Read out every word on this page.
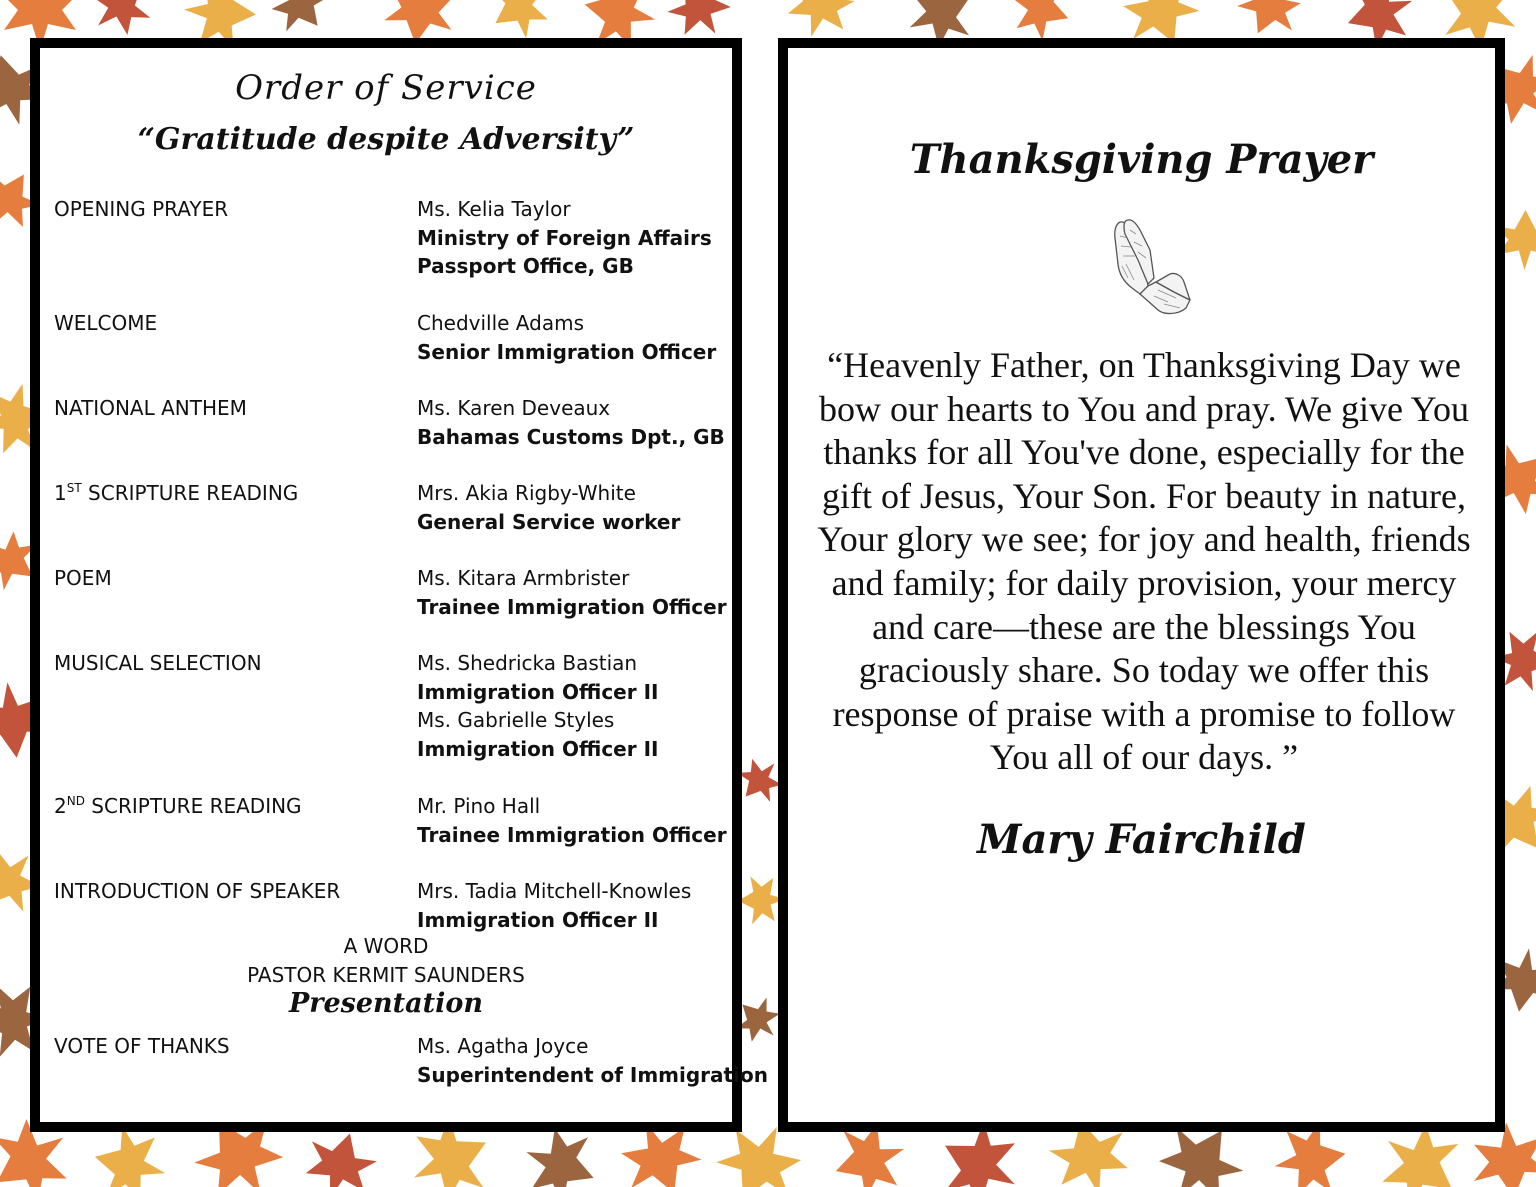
Order of Service
“Gratitude despite Adversity”
OPENING PRAYER	Ms. Kelia Taylor
Ministry of Foreign Affairs
Passport Office, GB
WELCOME	Chedville Adams
Senior Immigration Officer
NATIONAL ANTHEM	Ms. Karen Deveaux
Bahamas Customs Dpt., GB
1ST SCRIPTURE READING	Mrs. Akia Rigby-White
General Service worker
POEM	Ms. Kitara Armbrister
Trainee Immigration Officer
MUSICAL SELECTION	Ms. Shedricka Bastian
Immigration Officer II
Ms. Gabrielle Styles
Immigration Officer II
2ND SCRIPTURE READING	Mr. Pino Hall
Trainee Immigration Officer
INTRODUCTION OF SPEAKER	Mrs. Tadia Mitchell-Knowles
Immigration Officer II
A WORD
PASTOR KERMIT SAUNDERS
Presentation
VOTE OF THANKS	Ms. Agatha Joyce
Superintendent of Immigration
Thanksgiving Prayer
“Heavenly Father, on Thanksgiving Day we bow our hearts to You and pray. We give You thanks for all You've done, especially for the gift of Jesus, Your Son. For beauty in nature, Your glory we see; for joy and health, friends and family; for daily provision, your mercy and care—these are the blessings You graciously share. So today we offer this response of praise with a promise to follow You all of our days. ”
Mary Fairchild
